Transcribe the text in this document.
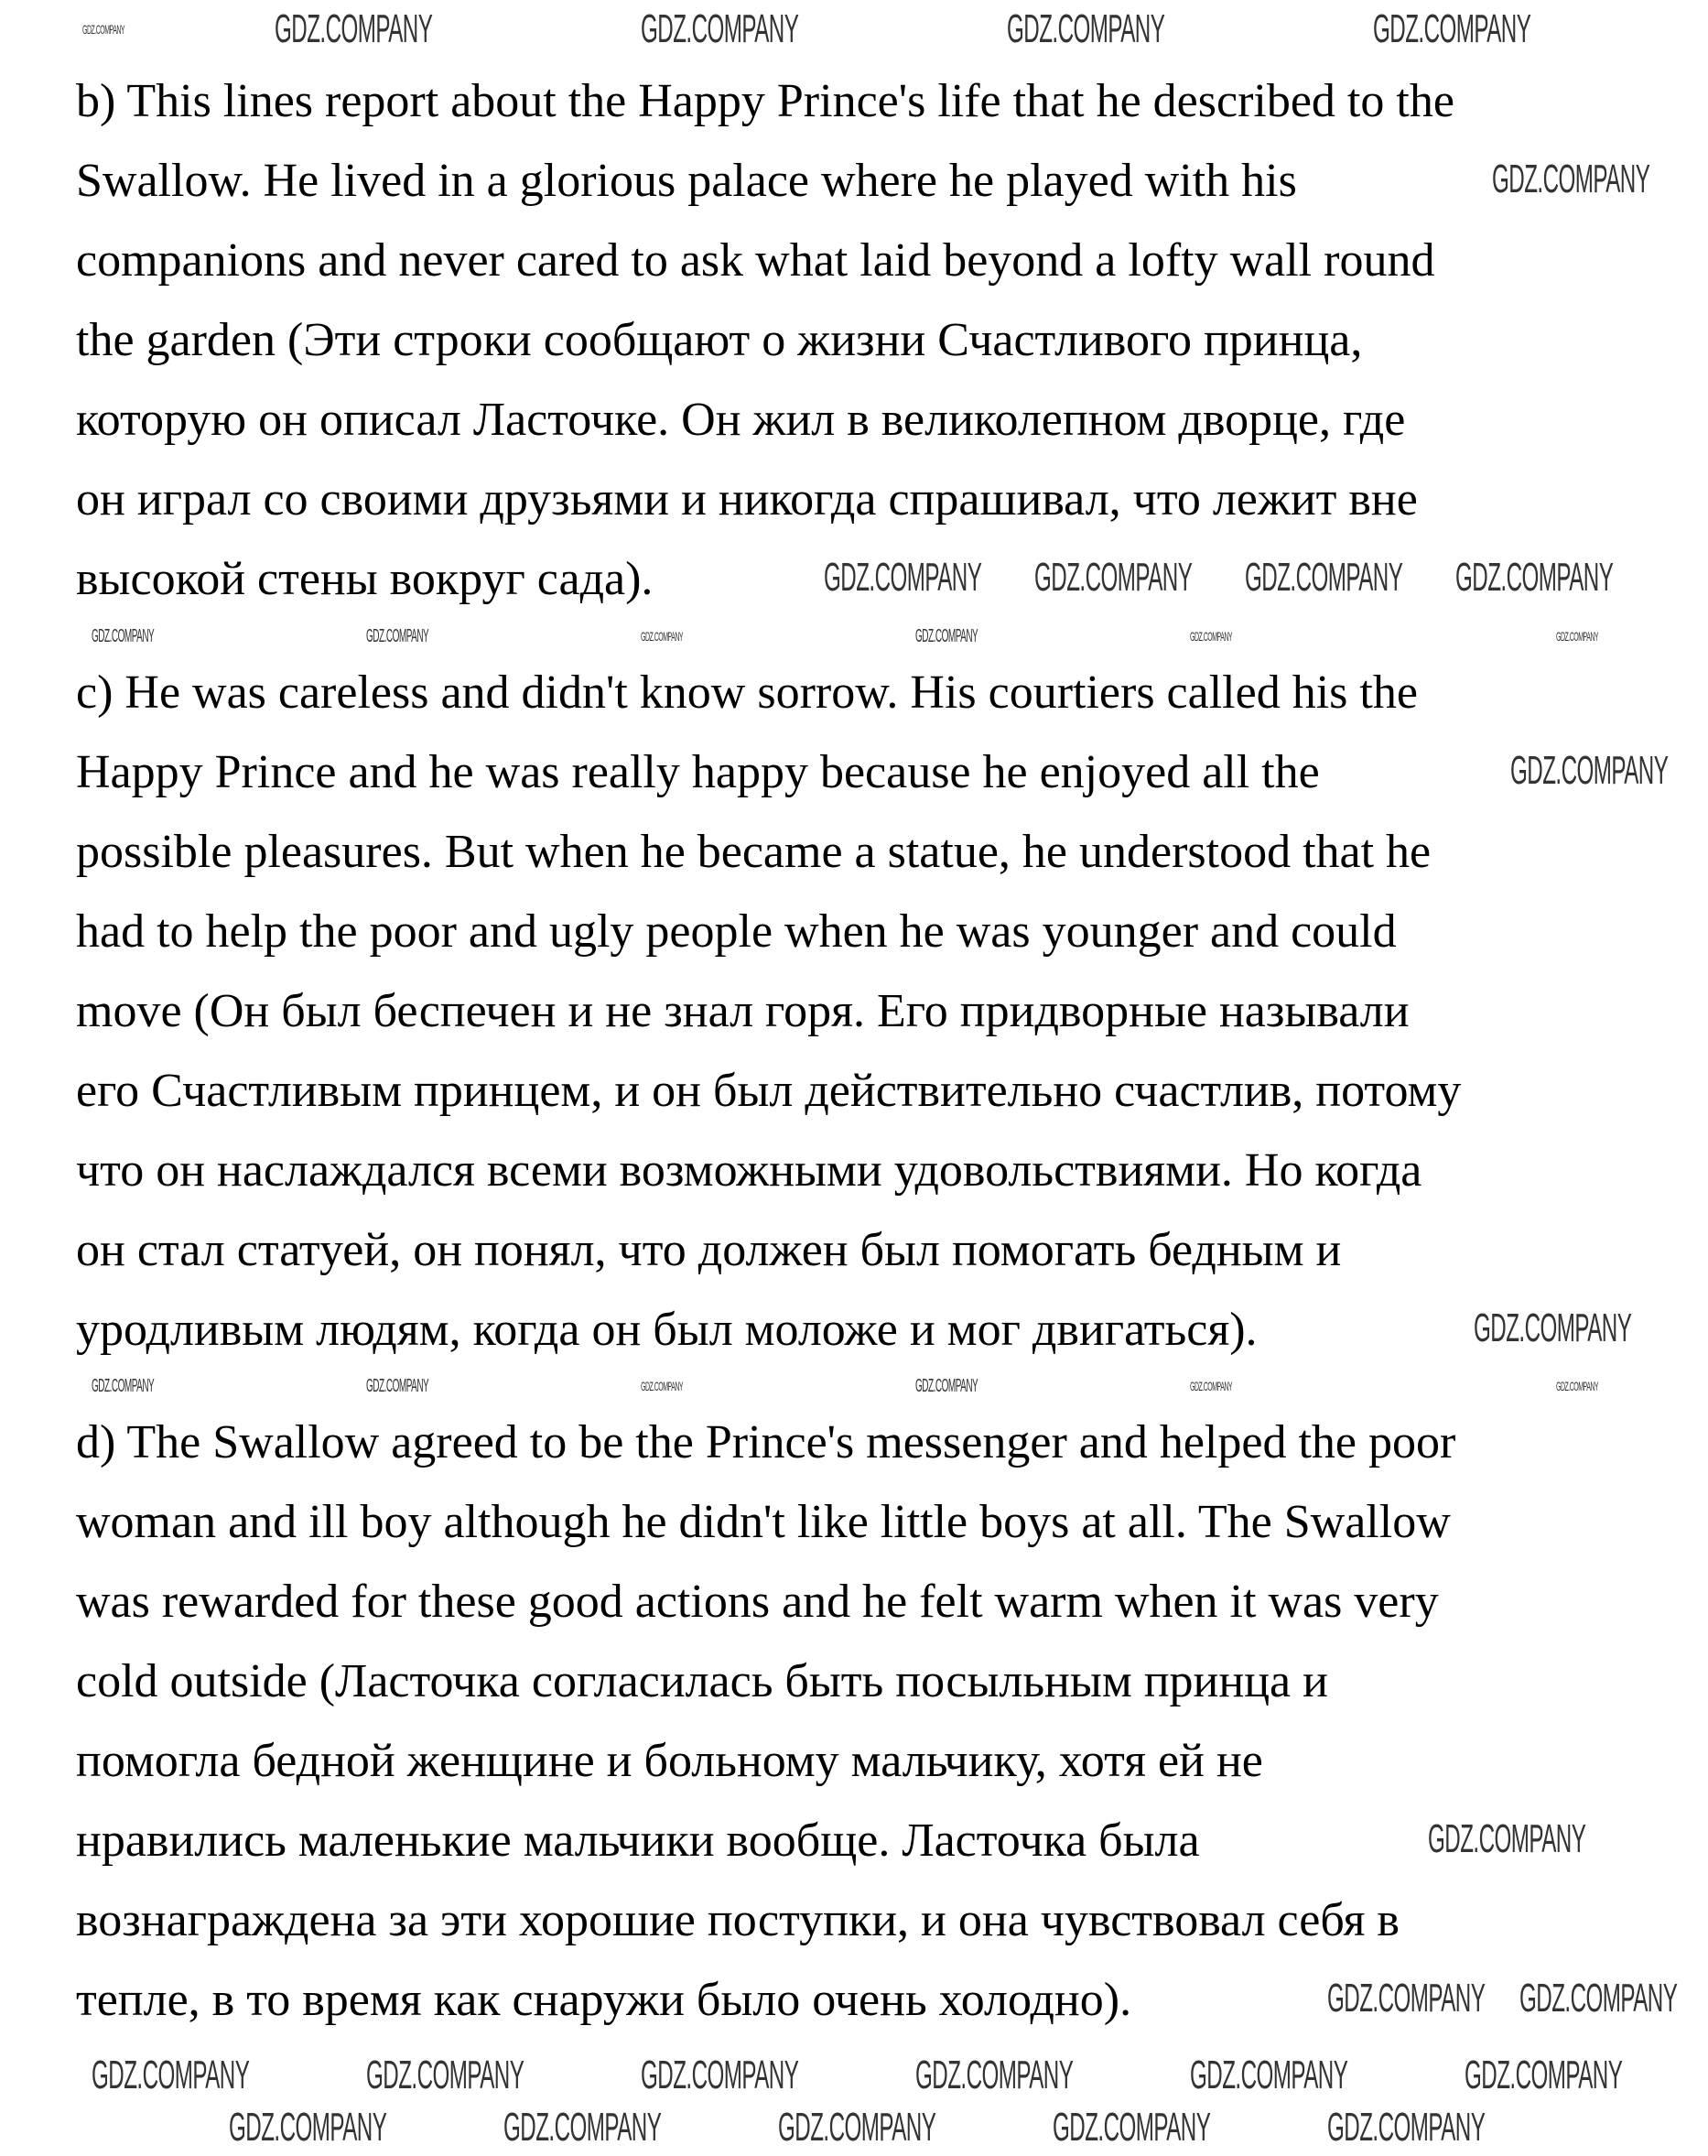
b) This lines report about the Happy Prince's life that he described to the
Swallow. He lived in a glorious palace where he played with his
companions and never cared to ask what laid beyond a lofty wall round
the garden (Эти строки сообщают о жизни Счастливого принца,
которую он описал Ласточке. Он жил в великолепном дворце, где
он играл со своими друзьями и никогда спрашивал, что лежит вне
высокой стены вокруг сада).
c) He was careless and didn't know sorrow. His courtiers called his the
Happy Prince and he was really happy because he enjoyed all the
possible pleasures. But when he became a statue, he understood that he
had to help the poor and ugly people when he was younger and could
move (Он был беспечен и не знал горя. Его придворные называли
его Счастливым принцем, и он был действительно счастлив, потому
что он наслаждался всеми возможными удовольствиями. Но когда
он стал статуей, он понял, что должен был помогать бедным и
уродливым людям, когда он был моложе и мог двигаться).
d) The Swallow agreed to be the Prince's messenger and helped the poor
woman and ill boy although he didn't like little boys at all. The Swallow
was rewarded for these good actions and he felt warm when it was very
cold outside (Ласточка согласилась быть посыльным принца и
помогла бедной женщине и больному мальчику, хотя ей не
нравились маленькие мальчики вообще. Ласточка была
вознаграждена за эти хорошие поступки, и она чувствовал себя в
тепле, в то время как снаружи было очень холодно).
GDZ.COMPANY	GDZ.COMPANY	GDZ.COMPANY	GDZ.COMPANY
GDZ.COMPANY
GDZ.COMPANY
GDZ.COMPANY GDZ.COMPANY GDZ.COMPANY GDZ.COMPANY
GDZ.COMPANY	GDZ.COMPANY	GDZ.COMPANY
GDZ.COMPANY	GDZ.COMPANY	GDZ.COMPANY
GDZ.COMPANY
GDZ.COMPANY
GDZ.COMPANY	GDZ.COMPANY	GDZ.COMPANY
GDZ.COMPANY	GDZ.COMPANY	GDZ.COMPANY
GDZ.COMPANY
GDZ.COMPANY GDZ.COMPANY
GDZ.COMPANY	GDZ.COMPANY	GDZ.COMPANY	GDZ.COMPANY	GDZ.COMPANY	GDZ.COMPANY
GDZ.COMPANY	GDZ.COMPANY	GDZ.COMPANY	GDZ.COMPANY	GDZ.COMPANY
